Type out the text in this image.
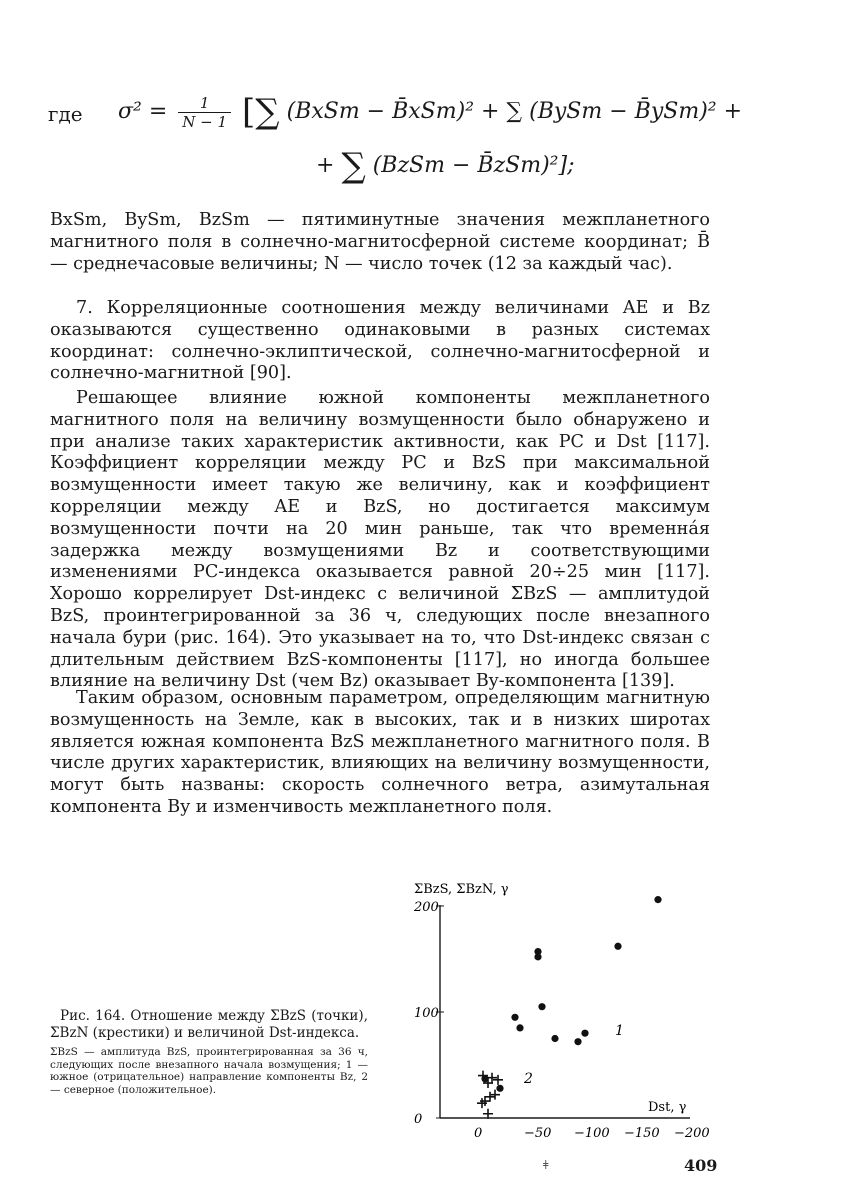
где $\sigma^2 = \frac{1}{N - 1}$ [∑ (BxSm − B̄xSm)² + ∑ (BySm − B̄ySm)² +
+ ∑ (BzSm − B̄zSm)²];

BxSm, BySm, BzSm — пятиминутные значения межпланетного магнитного поля в солнечно-магнитосферной системе координат; B̄ — среднечасовые величины; N — число точек (12 за каждый час).

7. Корреляционные соотношения между величинами AE и Bz оказываются существенно одинаковыми в разных системах координат: солнечно-эклиптической, солнечно-магнитосферной и солнечно-магнитной [90].

Решающее влияние южной компоненты межпланетного магнитного поля на величину возмущенности было обнаружено и при анализе таких характеристик активности, как PC и Dst [117]. Коэффициент корреляции между PC и BzS при максимальной возмущенности имеет такую же величину, как и коэффициент корреляции между AE и BzS, но достигается максимум возмущенности почти на 20 мин раньше, так что временна́я задержка между возмущениями Bz и соответствующими изменениями PC-индекса оказывается равной 20÷25 мин [117]. Хорошо коррелирует Dst-индекс с величиной ΣBzS — амплитудой BzS, проинтегрированной за 36 ч, следующих после внезапного начала бури (рис. 164). Это указывает на то, что Dst-индекс связан с длительным действием BzS-компоненты [117], но иногда большее влияние на величину Dst (чем Bz) оказывает By-компонента [139].

Таким образом, основным параметром, определяющим магнитную возмущенность на Земле, как в высоких, так и в низких широтах является южная компонента BzS межпланетного магнитного поля. В числе других характеристик, влияющих на величину возмущенности, могут быть названы: скорость солнечного ветра, азимутальная компонента By и изменчивость межпланетного поля.

Рис. 164. Отношение между ΣBzS (точки), ΣBzN (крестики) и величиной Dst-индекса.

ΣBzS — амплитуда BzS, проинтегрированная за 36 ч, следующих после внезапного начала возмущения; 1 — южное (отрицательное) направление компоненты Bz, 2 — северное (положительное).

ΣBzS, ΣBzN, γ
Dst, γ
0	−50 −100 −150 −200
0
100
200
1
2
409
ǂ
